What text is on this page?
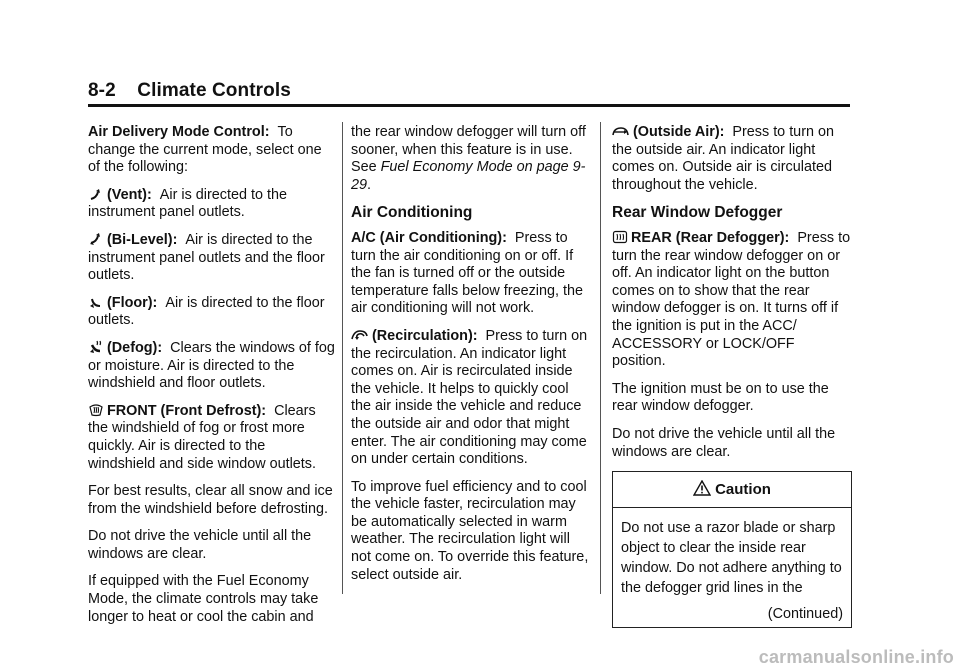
8-2    Climate Controls

Air Delivery Mode Control: To change the current mode, select one of the following:

(Vent): Air is directed to the instrument panel outlets.

(Bi-Level): Air is directed to the instrument panel outlets and the floor outlets.

(Floor): Air is directed to the floor outlets.

(Defog): Clears the windows of fog or moisture. Air is directed to the windshield and floor outlets.

FRONT (Front Defrost): Clears the windshield of fog or frost more quickly. Air is directed to the windshield and side window outlets.

For best results, clear all snow and ice from the windshield before defrosting.

Do not drive the vehicle until all the windows are clear.

If equipped with the Fuel Economy Mode, the climate controls may take longer to heat or cool the cabin and

the rear window defogger will turn off sooner, when this feature is in use. See Fuel Economy Mode on page 9-29.

Air Conditioning

A/C (Air Conditioning): Press to turn the air conditioning on or off. If the fan is turned off or the outside temperature falls below freezing, the air conditioning will not work.

(Recirculation): Press to turn on the recirculation. An indicator light comes on. Air is recirculated inside the vehicle. It helps to quickly cool the air inside the vehicle and reduce the outside air and odor that might enter. The air conditioning may come on under certain conditions.

To improve fuel efficiency and to cool the vehicle faster, recirculation may be automatically selected in warm weather. The recirculation light will not come on. To override this feature, select outside air.

(Outside Air): Press to turn on the outside air. An indicator light comes on. Outside air is circulated throughout the vehicle.

Rear Window Defogger

REAR (Rear Defogger): Press to turn the rear window defogger on or off. An indicator light on the button comes on to show that the rear window defogger is on. It turns off if the ignition is put in the ACC/ ACCESSORY or LOCK/OFF position.

The ignition must be on to use the rear window defogger.

Do not drive the vehicle until all the windows are clear.

Caution
Do not use a razor blade or sharp object to clear the inside rear window. Do not adhere anything to the defogger grid lines in the
(Continued)
carmanualsonline.info
